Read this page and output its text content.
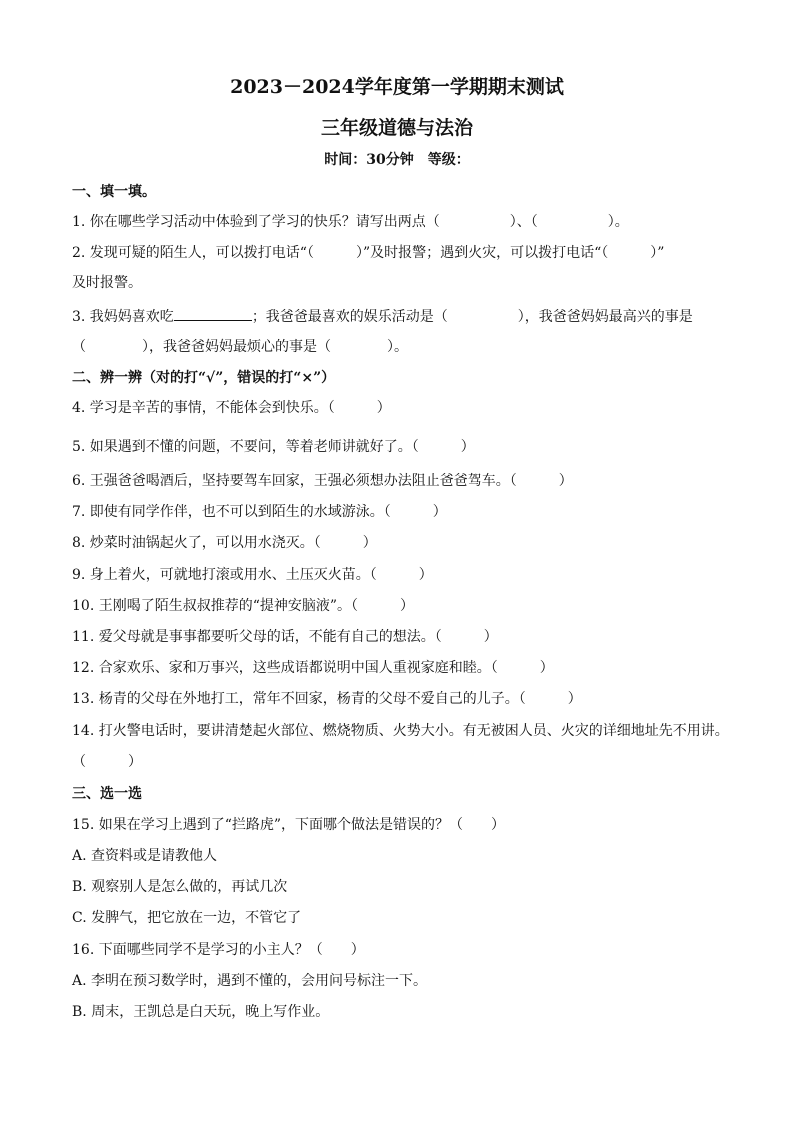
2023－2024学年度第一学期期末测试
三年级道德与法治
时间：30分钟　等级：
一、填一填。
1. 你在哪些学习活动中体验到了学习的快乐？请写出两点（　　　　　）、（　　　　　）。
2. 发现可疑的陌生人，可以拨打电话“（　　　）”及时报警；遇到火灾，可以拨打电话“（　　　）”
及时报警。
3. 我妈妈喜欢吃	；我爸爸最喜欢的娱乐活动是（　　　　　），我爸爸妈妈最高兴的事是
（　　　　），我爸爸妈妈最烦心的事是（　　　　）。
二、辨一辨（对的打“√”，错误的打“×”）
4. 学习是辛苦的事情，不能体会到快乐。（　　　）
5. 如果遇到不懂的问题，不要问，等着老师讲就好了。（　　　）
6. 王强爸爸喝酒后，坚持要驾车回家，王强必须想办法阻止爸爸驾车。（　　　）
7. 即使有同学作伴，也不可以到陌生的水域游泳。（　　　）
8. 炒菜时油锅起火了，可以用水浇灭。（　　　）
9. 身上着火，可就地打滚或用水、土压灭火苗。（　　　）
10. 王刚喝了陌生叔叔推荐的“提神安脑液”。（　　　）
11. 爱父母就是事事都要听父母的话，不能有自己的想法。（　　　）
12. 合家欢乐、家和万事兴，这些成语都说明中国人重视家庭和睦。（　　　）
13. 杨青的父母在外地打工，常年不回家，杨青的父母不爱自己的儿子。（　　　）
14. 打火警电话时，要讲清楚起火部位、燃烧物质、火势大小。有无被困人员、火灾的详细地址先不用讲。
（　　　）
三、选一选
15. 如果在学习上遇到了“拦路虎”，下面哪个做法是错误的？（　　）
A. 查资料或是请教他人
B. 观察别人是怎么做的，再试几次
C. 发脾气，把它放在一边，不管它了
16. 下面哪些同学不是学习的小主人？（　　）
A. 李明在预习数学时，遇到不懂的，会用问号标注一下。
B. 周末，王凯总是白天玩，晚上写作业。
